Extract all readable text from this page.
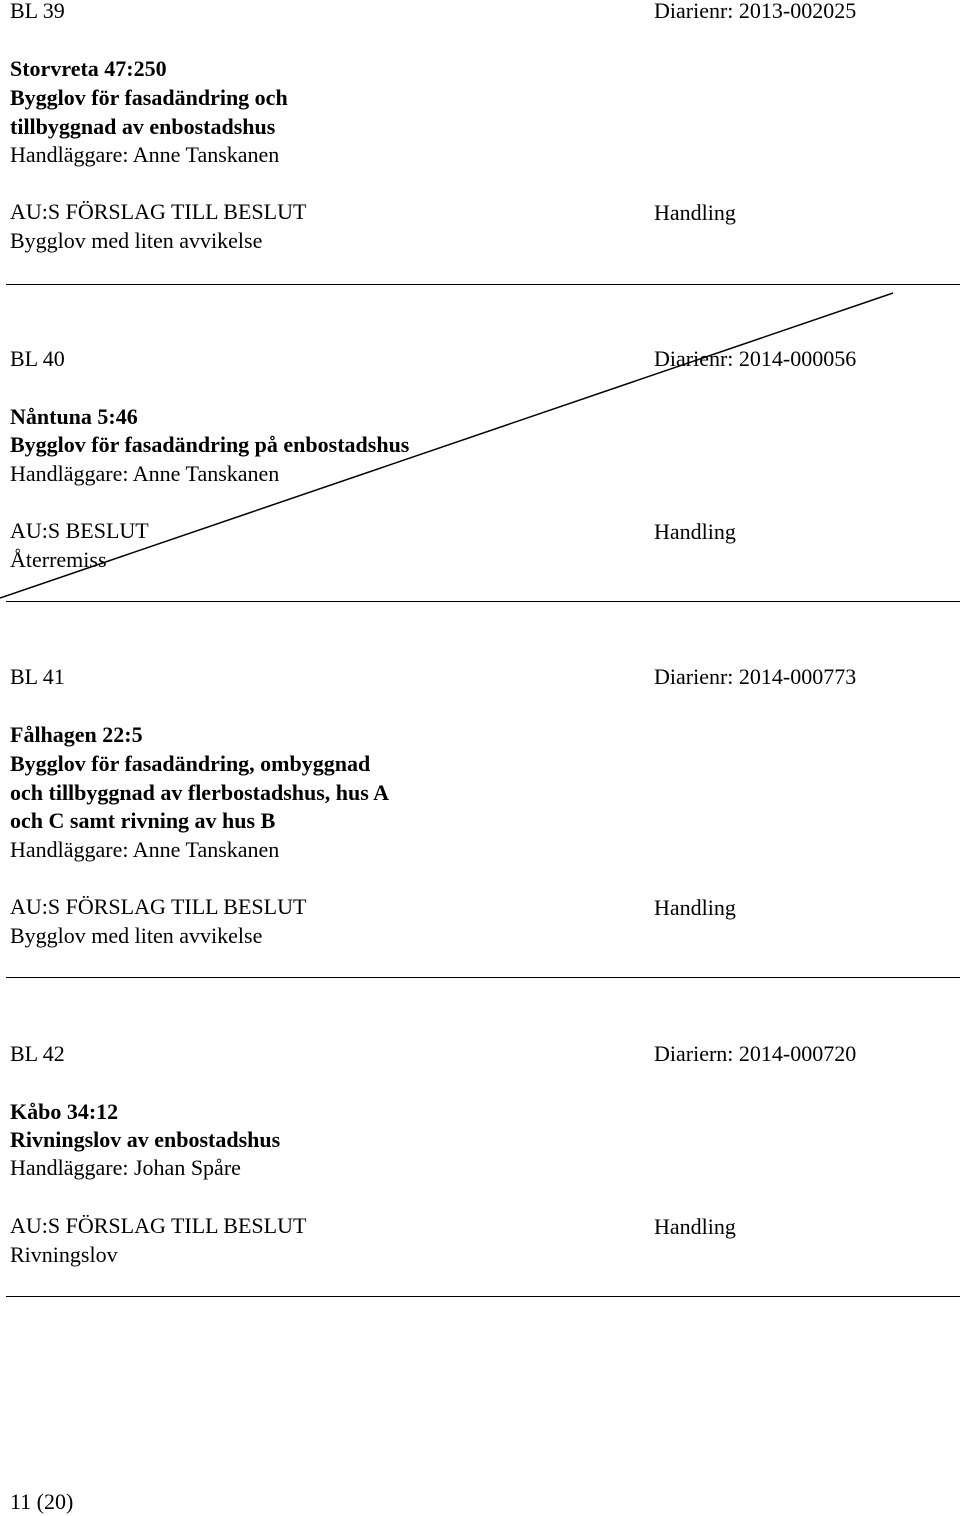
BL 39	Diarienr: 2013-002025
Storvreta 47:250
Bygglov för fasadändring och
tillbyggnad av enbostadshus
Handläggare: Anne Tanskanen
AU:S FÖRSLAG TILL BESLUT	Handling
Bygglov med liten avvikelse
BL 40	Diarienr: 2014-000056
Nåntuna 5:46
Bygglov för fasadändring på enbostadshus
Handläggare: Anne Tanskanen
AU:S BESLUT	Handling
Återremiss
BL 41	Diarienr: 2014-000773
Fålhagen 22:5
Bygglov för fasadändring, ombyggnad
och tillbyggnad av flerbostadshus, hus A
och C samt rivning av hus B
Handläggare: Anne Tanskanen
AU:S FÖRSLAG TILL BESLUT	Handling
Bygglov med liten avvikelse
BL 42	Diariern: 2014-000720
Kåbo 34:12
Rivningslov av enbostadshus
Handläggare: Johan Spåre
AU:S FÖRSLAG TILL BESLUT	Handling
Rivningslov
11 (20)
